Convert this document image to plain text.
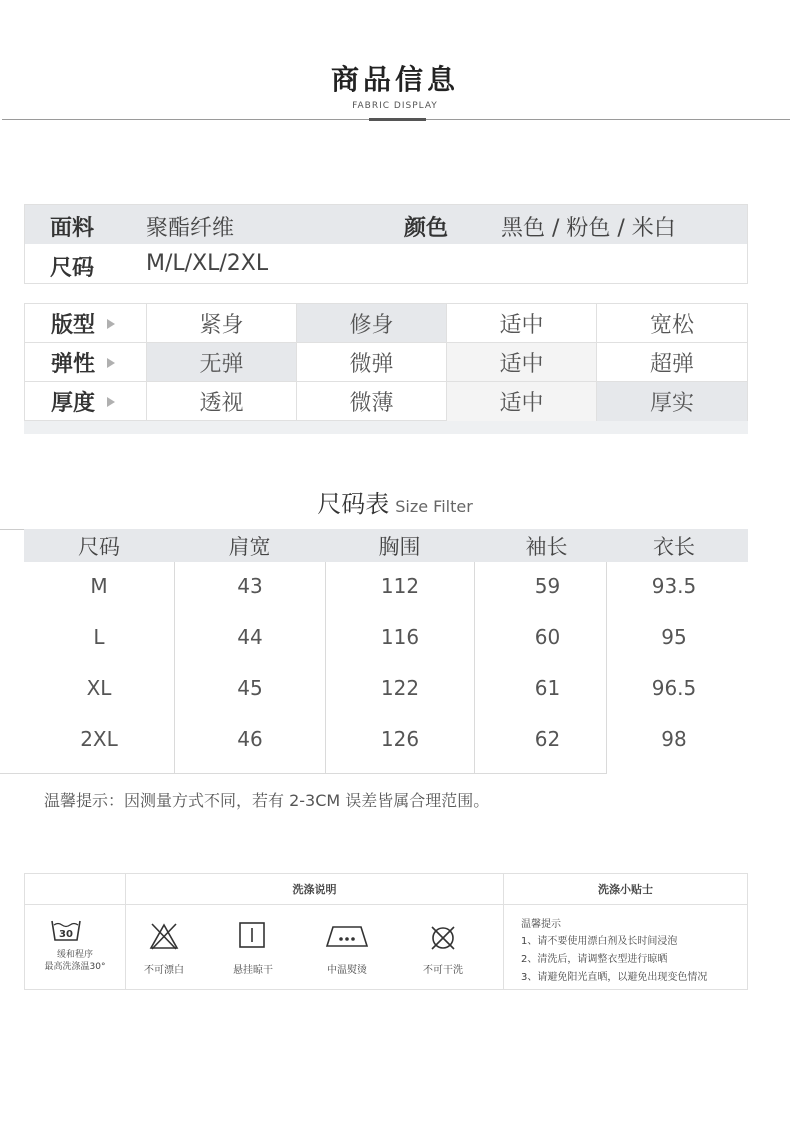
商品信息
FABRIC DISPLAY
面料 聚酯纤维	颜色 黑色 / 粉色 / 米白
尺码 M/L/XL/2XL
版型	紧身	修身	适中	宽松
弹性	无弹	微弹	适中	超弹
厚度	透视	微薄	适中	厚实
尺码表 Size Filter
尺码	肩宽	胸围	袖长	衣长
M	43	112	59	93.5
L	44	116	60	95
XL	45	122	61	96.5
2XL	46	126	62	98
温馨提示：因测量方式不同，若有 2-3CM 误差皆属合理范围。
洗涤说明	洗涤小贴士
30
缓和程序
最高洗涤温30°	不可漂白	悬挂晾干	中温熨烫	不可干洗
温馨提示
1、请不要使用漂白剂及长时间浸泡
2、清洗后，请调整衣型进行晾晒
3、请避免阳光直晒，以避免出现变色情况
